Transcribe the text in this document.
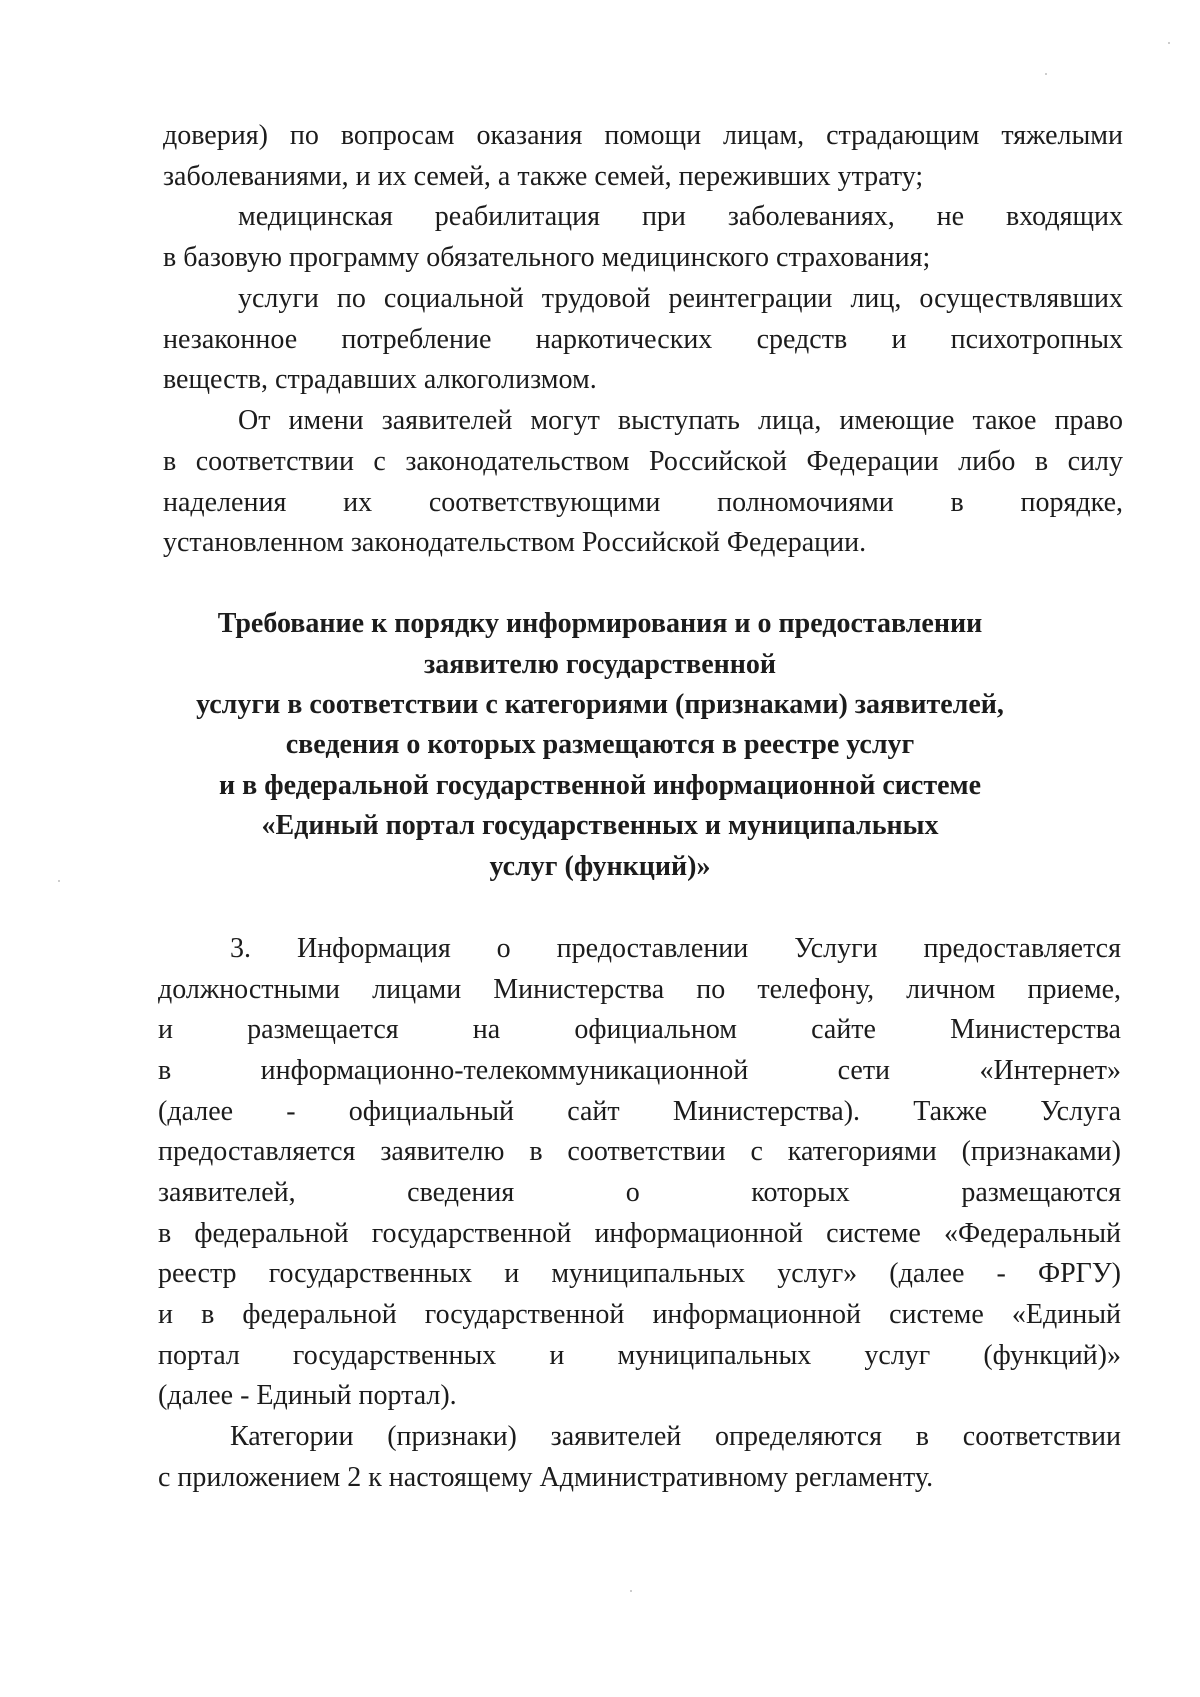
доверия) по вопросам оказания помощи лицам, страдающим тяжелыми
заболеваниями, и их семей, а также семей, переживших утрату;
медицинская реабилитация при заболеваниях, не входящих
в базовую программу обязательного медицинского страхования;
услуги по социальной трудовой реинтеграции лиц, осуществлявших
незаконное потребление наркотических средств и психотропных
веществ, страдавших алкоголизмом.
От имени заявителей могут выступать лица, имеющие такое право
в соответствии с законодательством Российской Федерации либо в силу
наделения их соответствующими полномочиями в порядке,
установленном законодательством Российской Федерации.
Требование к порядку информирования и о предоставлении
заявителю государственной
услуги в соответствии с категориями (признаками) заявителей,
сведения о которых размещаются в реестре услуг
и в федеральной государственной информационной системе
«Единый портал государственных и муниципальных
услуг (функций)»
3. Информация о предоставлении Услуги предоставляется
должностными лицами Министерства по телефону, личном приеме,
и размещается на официальном сайте Министерства
в информационно-телекоммуникационной сети «Интернет»
(далее - официальный сайт Министерства). Также Услуга
предоставляется заявителю в соответствии с категориями (признаками)
заявителей, сведения о которых размещаются
в федеральной государственной информационной системе «Федеральный
реестр государственных и муниципальных услуг» (далее - ФРГУ)
и в федеральной государственной информационной системе «Единый
портал государственных и муниципальных услуг (функций)»
(далее - Единый портал).
Категории (признаки) заявителей определяются в соответствии
с приложением 2 к настоящему Административному регламенту.
